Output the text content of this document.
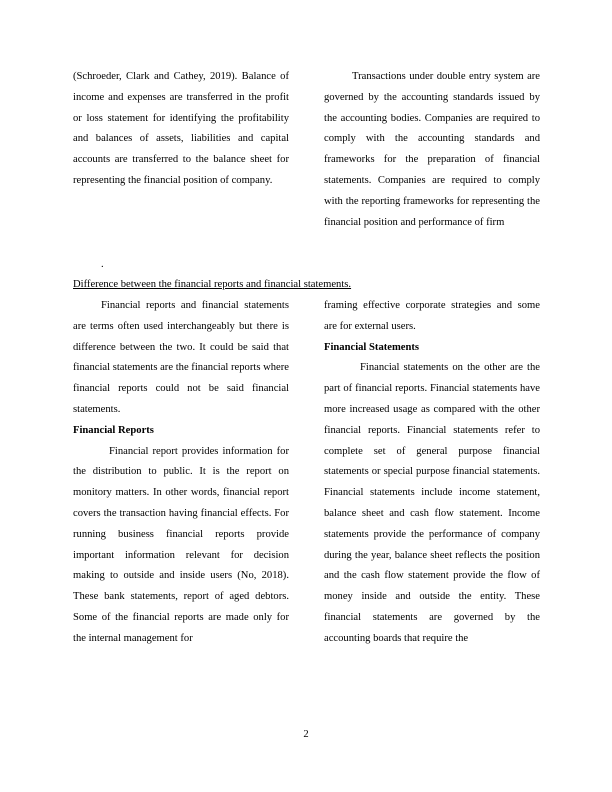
(Schroeder, Clark and Cathey, 2019). Balance of income and expenses are transferred in the profit or loss statement for identifying the profitability and balances of assets, liabilities and capital accounts are transferred to the balance sheet for representing the financial position of company.

Transactions under double entry system are governed by the accounting standards issued by the accounting bodies. Companies are required to comply with the accounting standards and frameworks for the preparation of financial statements. Companies are required to comply with the reporting frameworks for representing the financial position and performance of firm

.
Difference between the financial reports and financial statements.

Financial reports and financial statements are terms often used interchangeably but there is difference between the two. It could be said that financial statements are the financial reports where financial reports could not be said financial statements.

Financial Reports

Financial report provides information for the distribution to public. It is the report on monitory matters. In other words, financial report covers the transaction having financial effects. For running business financial reports provide important information relevant for decision making to outside and inside users (No, 2018). These bank statements, report of aged debtors. Some of the financial reports are made only for the internal management for

framing effective corporate strategies and some are for external users.

Financial Statements

Financial statements on the other are the part of financial reports. Financial statements have more increased usage as compared with the other financial reports. Financial statements refer to complete set of general purpose financial statements or special purpose financial statements. Financial statements include income statement, balance sheet and cash flow statement. Income statements provide the performance of company during the year, balance sheet reflects the position and the cash flow statement provide the flow of money inside and outside the entity. These financial statements are governed by the accounting boards that require the

2
